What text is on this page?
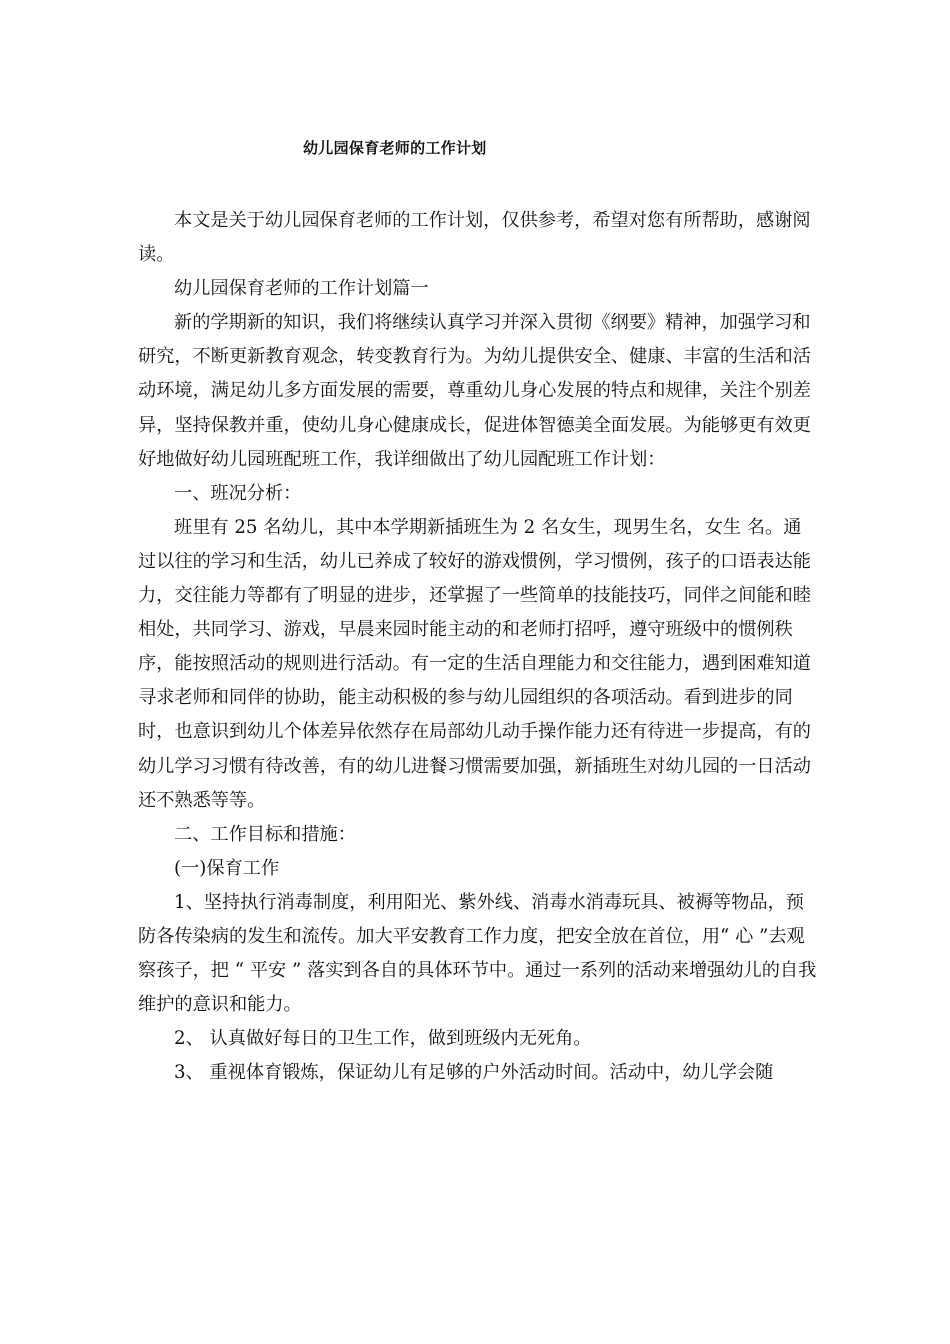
幼儿园保育老师的工作计划

本文是关于幼儿园保育老师的工作计划，仅供参考，希望对您有所帮助，感谢阅读。

幼儿园保育老师的工作计划篇一

新的学期新的知识，我们将继续认真学习并深入贯彻《纲要》精神，加强学习和研究，不断更新教育观念，转变教育行为。为幼儿提供安全、健康、丰富的生活和活动环境，满足幼儿多方面发展的需要，尊重幼儿身心发展的特点和规律，关注个别差异，坚持保教并重，使幼儿身心健康成长，促进体智德美全面发展。为能够更有效更好地做好幼儿园班配班工作，我详细做出了幼儿园配班工作计划：

一、班况分析：

班里有 25 名幼儿，其中本学期新插班生为 2 名女生，现男生名，女生 名。通过以往的学习和生活，幼儿已养成了较好的游戏惯例，学习惯例，孩子的口语表达能力，交往能力等都有了明显的进步，还掌握了一些简单的技能技巧，同伴之间能和睦相处，共同学习、游戏，早晨来园时能主动的和老师打招呼，遵守班级中的惯例秩序，能按照活动的规则进行活动。有一定的生活自理能力和交往能力，遇到困难知道寻求老师和同伴的协助，能主动积极的参与幼儿园组织的各项活动。看到进步的同时，也意识到幼儿个体差异依然存在局部幼儿动手操作能力还有待进一步提高，有的幼儿学习习惯有待改善，有的幼儿进餐习惯需要加强，新插班生对幼儿园的一日活动还不熟悉等等。

二、工作目标和措施：

(一)保育工作

1、坚持执行消毒制度，利用阳光、紫外线、消毒水消毒玩具、被褥等物品，预防各传染病的发生和流传。加大平安教育工作力度，把安全放在首位，用“ 心 ”去观察孩子，把 “ 平安 ” 落实到各自的具体环节中。通过一系列的活动来增强幼儿的自我维护的意识和能力。

2、 认真做好每日的卫生工作，做到班级内无死角。

3、 重视体育锻炼，保证幼儿有足够的户外活动时间。活动中，幼儿学会随
